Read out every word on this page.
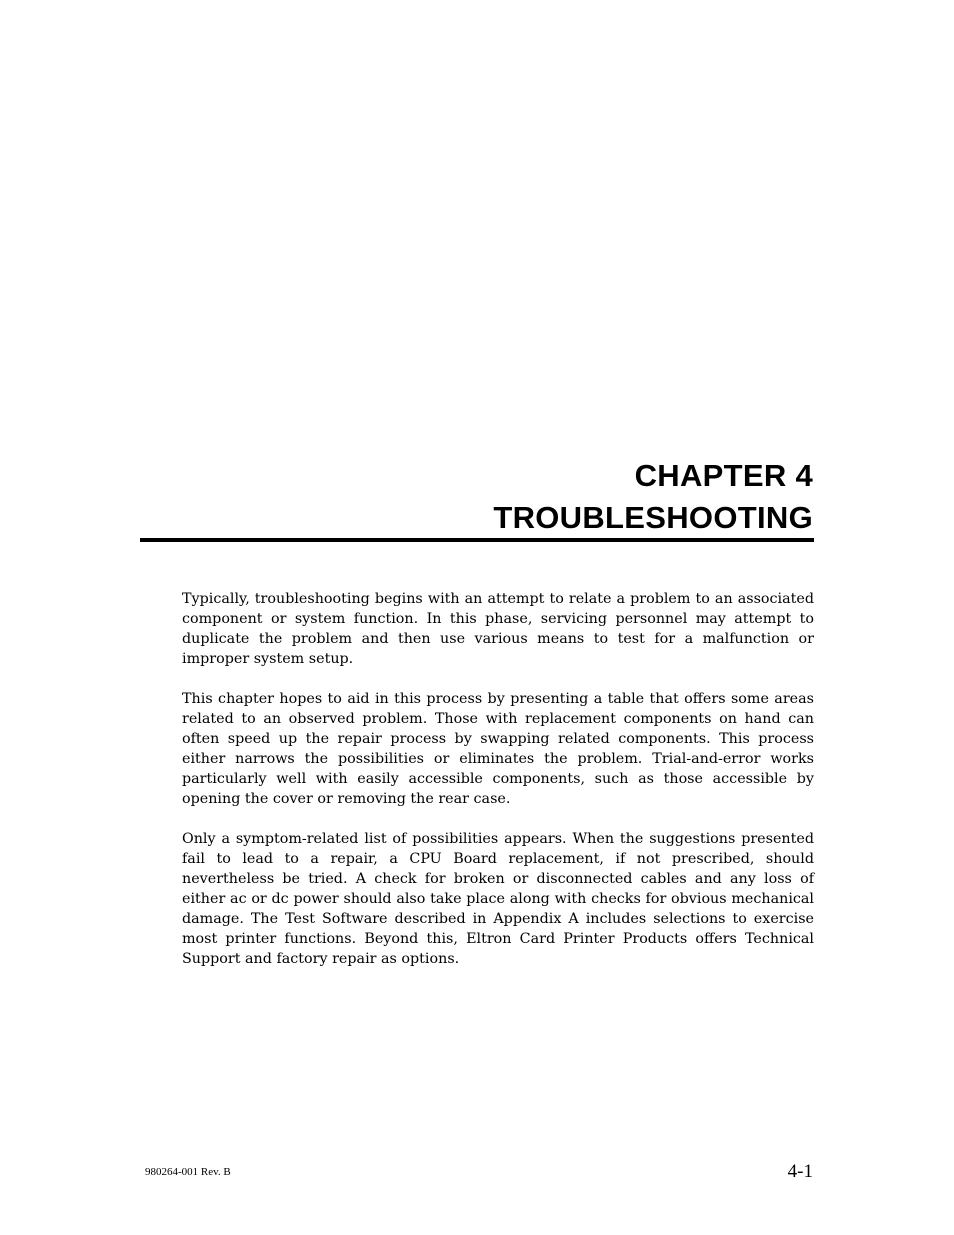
CHAPTER 4
TROUBLESHOOTING

Typically, troubleshooting begins with an attempt to relate a problem to an associated component or system function. In this phase, servicing personnel may attempt to duplicate the problem and then use various means to test for a malfunction or improper system setup.

This chapter hopes to aid in this process by presenting a table that offers some areas related to an observed problem. Those with replacement components on hand can often speed up the repair process by swapping related components. This process either narrows the possibilities or eliminates the problem. Trial-and-error works particularly well with easily accessible components, such as those accessible by opening the cover or removing the rear case.

Only a symptom-related list of possibilities appears. When the suggestions presented fail to lead to a repair, a CPU Board replacement, if not prescribed, should nevertheless be tried. A check for broken or disconnected cables and any loss of either ac or dc power should also take place along with checks for obvious mechanical damage. The Test Software described in Appendix A includes selections to exercise most printer functions. Beyond this, Eltron Card Printer Products offers Technical Support and factory repair as options.

980264-001 Rev. B	4-1
